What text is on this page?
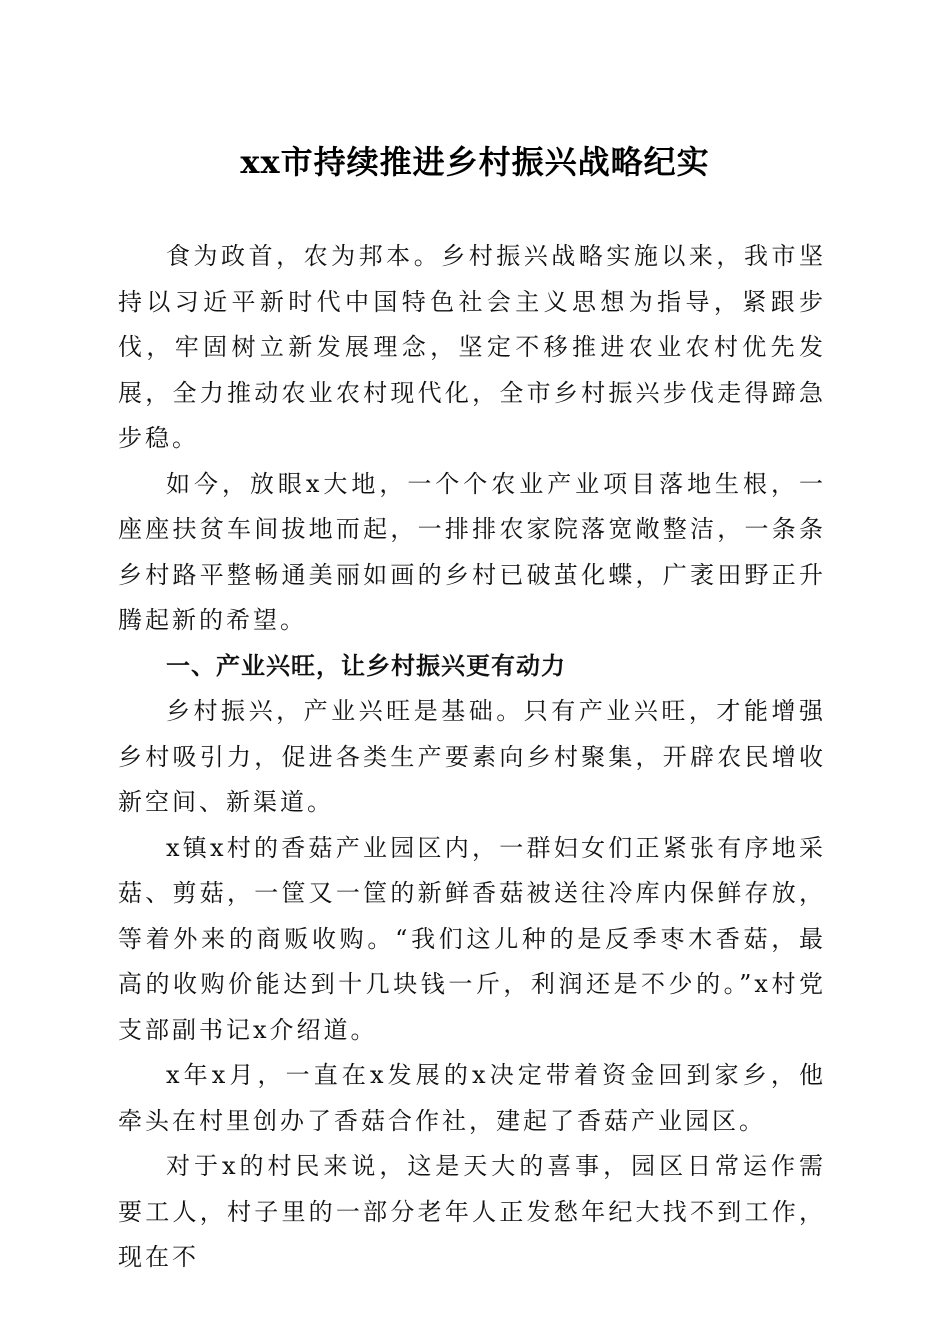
xx市持续推进乡村振兴战略纪实

食为政首，农为邦本。乡村振兴战略实施以来，我市坚持以习近平新时代中国特色社会主义思想为指导，紧跟步伐，牢固树立新发展理念，坚定不移推进农业农村优先发展，全力推动农业农村现代化，全市乡村振兴步伐走得蹄急步稳。

如今，放眼x大地，一个个农业产业项目落地生根，一座座扶贫车间拔地而起，一排排农家院落宽敞整洁，一条条乡村路平整畅通美丽如画的乡村已破茧化蝶，广袤田野正升腾起新的希望。

一、产业兴旺，让乡村振兴更有动力

乡村振兴，产业兴旺是基础。只有产业兴旺，才能增强乡村吸引力，促进各类生产要素向乡村聚集，开辟农民增收新空间、新渠道。

x镇x村的香菇产业园区内，一群妇女们正紧张有序地采菇、剪菇，一筐又一筐的新鲜香菇被送往冷库内保鲜存放，等着外来的商贩收购。“我们这儿种的是反季枣木香菇，最高的收购价能达到十几块钱一斤，利润还是不少的。”x村党支部副书记x介绍道。

x年x月，一直在x发展的x决定带着资金回到家乡，他牵头在村里创办了香菇合作社，建起了香菇产业园区。

对于x的村民来说，这是天大的喜事，园区日常运作需要工人，村子里的一部分老年人正发愁年纪大找不到工作，现在不
